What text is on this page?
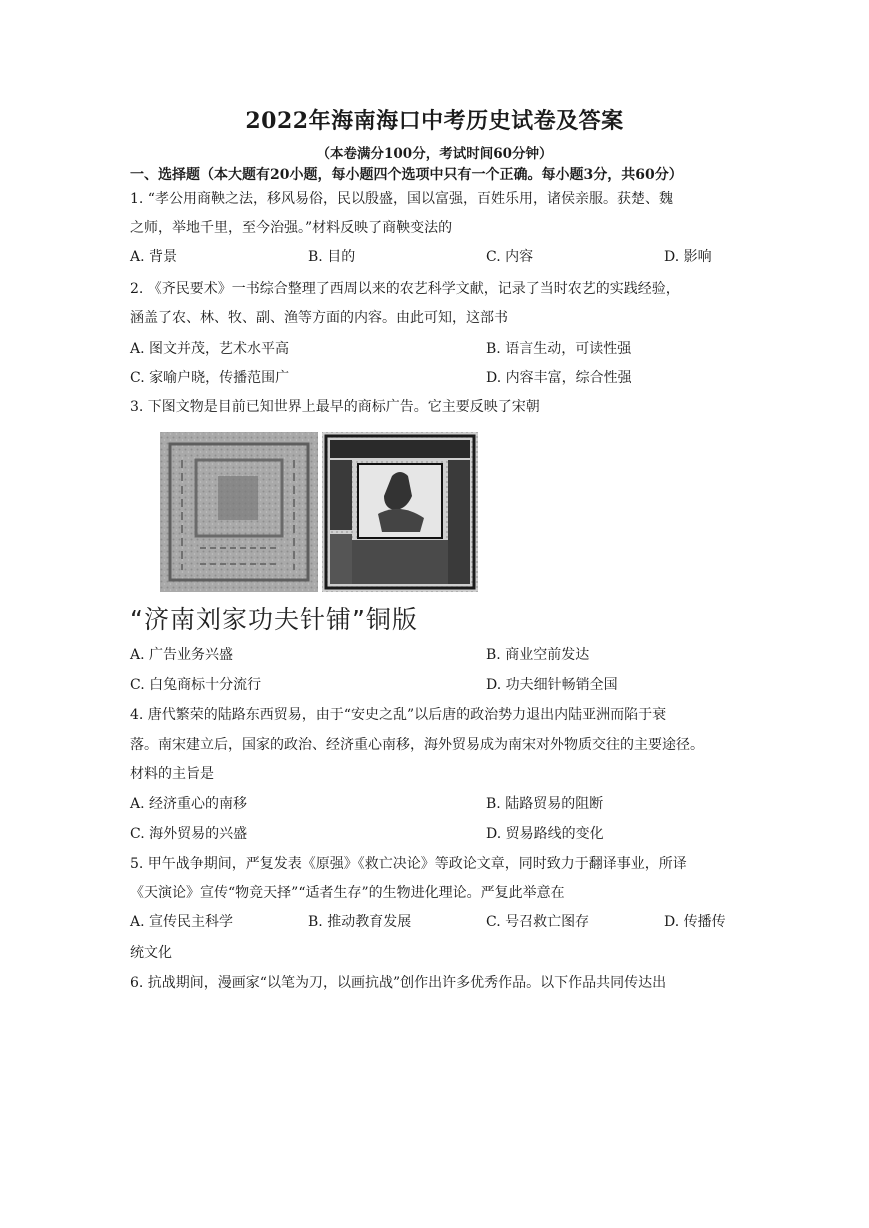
2022年海南海口中考历史试卷及答案
（本卷满分100分，考试时间60分钟）
一、选择题（本大题有20小题，每小题四个选项中只有一个正确。每小题3分，共60分）
1. “孝公用商鞅之法，移风易俗，民以殷盛，国以富强，百姓乐用，诸侯亲服。获楚、魏
之师，举地千里，至今治强。”材料反映了商鞅变法的
A. 背景	B. 目的	C. 内容	D. 影响
2. 《齐民要术》一书综合整理了西周以来的农艺科学文献，记录了当时农艺的实践经验，
涵盖了农、林、牧、副、渔等方面的内容。由此可知，这部书
A. 图文并茂，艺术水平高	B. 语言生动，可读性强
C. 家喻户晓，传播范围广	D. 内容丰富，综合性强
3. 下图文物是目前已知世界上最早的商标广告。它主要反映了宋朝
“济南刘家功夫针铺”铜版
A. 广告业务兴盛	B. 商业空前发达
C. 白兔商标十分流行	D. 功夫细针畅销全国
4. 唐代繁荣的陆路东西贸易，由于“安史之乱”以后唐的政治势力退出内陆亚洲而陷于衰
落。南宋建立后，国家的政治、经济重心南移，海外贸易成为南宋对外物质交往的主要途径。
材料的主旨是
A. 经济重心的南移	B. 陆路贸易的阻断
C. 海外贸易的兴盛	D. 贸易路线的变化
5. 甲午战争期间，严复发表《原强》《救亡决论》等政论文章，同时致力于翻译事业，所译
《天演论》宣传“物竞天择”“适者生存”的生物进化理论。严复此举意在
A. 宣传民主科学	B. 推动教育发展	C. 号召救亡图存	D. 传播传
统文化
6. 抗战期间，漫画家“以笔为刀，以画抗战”创作出许多优秀作品。以下作品共同传达出
